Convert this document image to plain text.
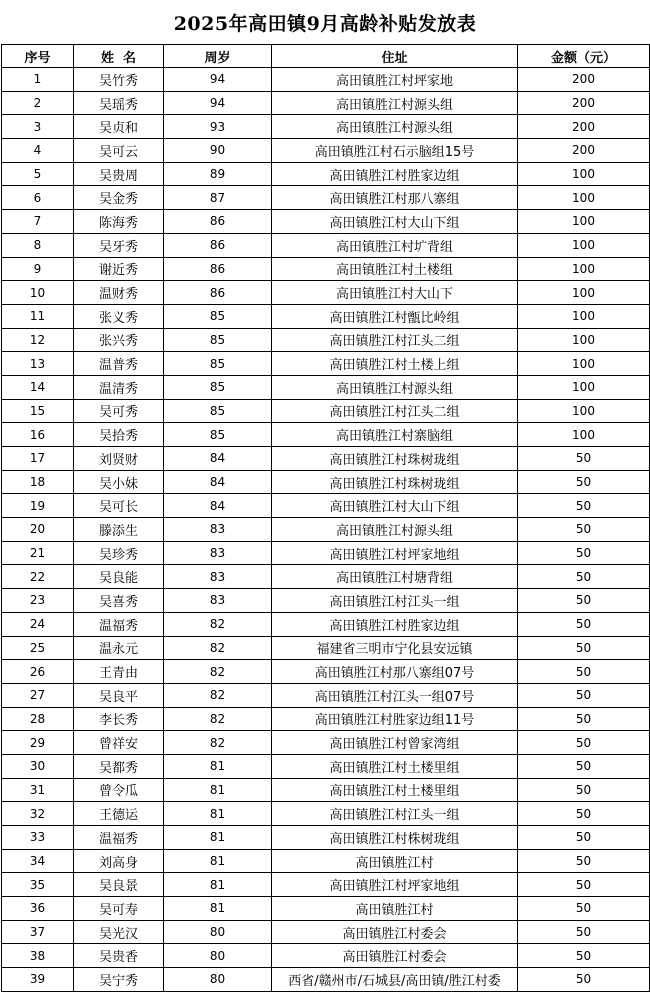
2025年高田镇9月高龄补贴发放表
序号	姓  名	周岁	住址	金额（元）
1	吴竹秀	94	高田镇胜江村坪家地	200
2	吴瑶秀	94	高田镇胜江村源头组	200
3	吴贞和	93	高田镇胜江村源头组	200
4	吴可云	90	高田镇胜江村石示脑组15号	200
5	吴贵周	89	高田镇胜江村胜家边组	100
6	吴金秀	87	高田镇胜江村那八寨组	100
7	陈海秀	86	高田镇胜江村大山下组	100
8	吴牙秀	86	高田镇胜江村圹背组	100
9	谢近秀	86	高田镇胜江村土楼组	100
10	温财秀	86	高田镇胜江村大山下	100
11	张义秀	85	高田镇胜江村甑比岭组	100
12	张兴秀	85	高田镇胜江村江头二组	100
13	温普秀	85	高田镇胜江村土楼上组	100
14	温清秀	85	高田镇胜江村源头组	100
15	吴可秀	85	高田镇胜江村江头二组	100
16	吴拾秀	85	高田镇胜江村寨脑组	100
17	刘贤财	84	高田镇胜江村珠树珑组	50
18	吴小妹	84	高田镇胜江村珠树珑组	50
19	吴可长	84	高田镇胜江村大山下组	50
20	滕添生	83	高田镇胜江村源头组	50
21	吴珍秀	83	高田镇胜江村坪家地组	50
22	吴良能	83	高田镇胜江村塘背组	50
23	吴喜秀	83	高田镇胜江村江头一组	50
24	温福秀	82	高田镇胜江村胜家边组	50
25	温永元	82	福建省三明市宁化县安远镇	50
26	王青由	82	高田镇胜江村那八寨组07号	50
27	吴良平	82	高田镇胜江村江头一组07号	50
28	李长秀	82	高田镇胜江村胜家边组11号	50
29	曾祥安	82	高田镇胜江村曾家湾组	50
30	吴都秀	81	高田镇胜江村土楼里组	50
31	曾令瓜	81	高田镇胜江村土楼里组	50
32	王德运	81	高田镇胜江村江头一组	50
33	温福秀	81	高田镇胜江村株树珑组	50
34	刘高身	81	高田镇胜江村	50
35	吴良景	81	高田镇胜江村坪家地组	50
36	吴可寿	81	高田镇胜江村	50
37	吴光汉	80	高田镇胜江村委会	50
38	吴贵香	80	高田镇胜江村委会	50
39	吴宁秀	80	西省/赣州市/石城县/高田镇/胜江村委	50
